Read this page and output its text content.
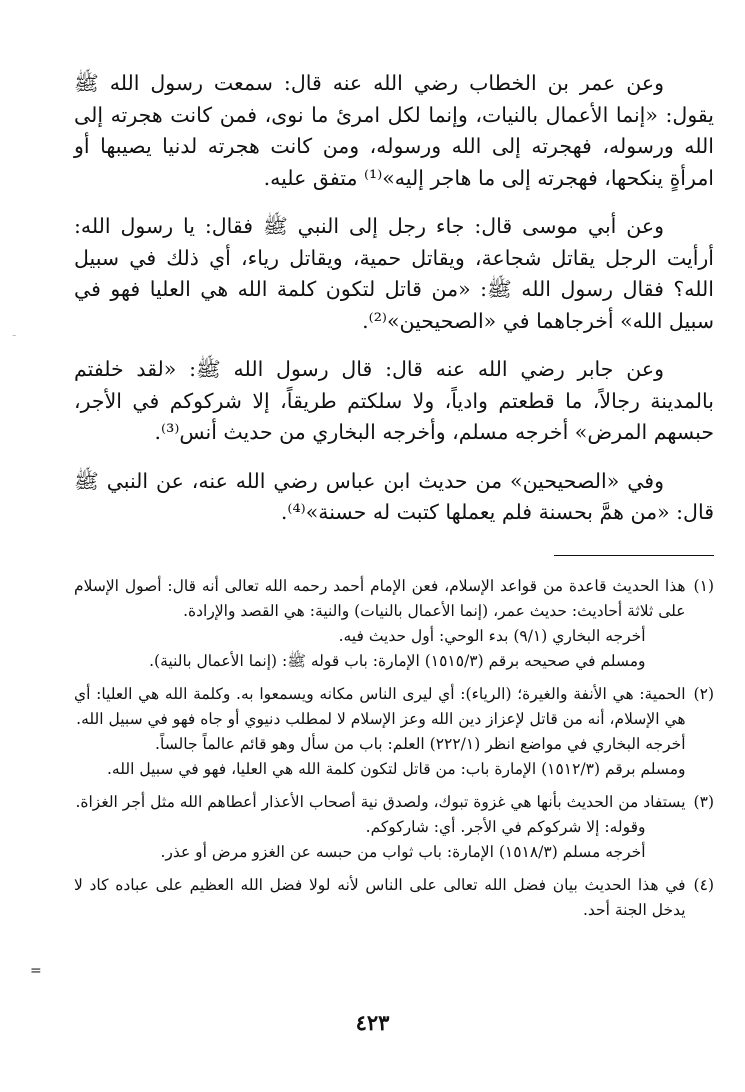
وعن عمر بن الخطاب رضي الله عنه قال: سمعت رسول الله ﷺ يقول: «إنما الأعمال بالنيات، وإنما لكل امرئ ما نوى، فمن كانت هجرته إلى الله ورسوله، فهجرته إلى الله ورسوله، ومن كانت هجرته لدنيا يصيبها أو امرأةٍ ينكحها، فهجرته إلى ما هاجر إليه»⁽¹⁾ متفق عليه.

وعن أبي موسى قال: جاء رجل إلى النبي ﷺ فقال: يا رسول الله: أرأيت الرجل يقاتل شجاعة، ويقاتل حمية، ويقاتل رياء، أي ذلك في سبيل الله؟ فقال رسول الله ﷺ: «من قاتل لتكون كلمة الله هي العليا فهو في سبيل الله» أخرجاهما في «الصحيحين»⁽²⁾.

وعن جابر رضي الله عنه قال: قال رسول الله ﷺ: «لقد خلفتم بالمدينة رجالاً، ما قطعتم وادياً، ولا سلكتم طريقاً، إلا شركوكم في الأجر، حبسهم المرض» أخرجه مسلم، وأخرجه البخاري من حديث أنس⁽³⁾.

وفي «الصحيحين» من حديث ابن عباس رضي الله عنه، عن النبي ﷺ قال: «من همَّ بحسنة فلم يعملها كتبت له حسنة»⁽⁴⁾.

(١)
هذا الحديث قاعدة من قواعد الإسلام، فعن الإمام أحمد رحمه الله تعالى أنه قال: أصول الإسلام على ثلاثة أحاديث: حديث عمر، (إنما الأعمال بالنيات) والنية: هي القصد والإرادة.
أخرجه البخاري (٩/١) بدء الوحي: أول حديث فيه.
ومسلم في صحيحه برقم (١٥١٥/٣) الإمارة: باب قوله ﷺ: (إنما الأعمال بالنية).
(٢)
الحمية: هي الأنفة والغيرة؛ (الرياء): أي ليرى الناس مكانه ويسمعوا به. وكلمة الله هي العليا: أي هي الإسلام، أنه من قاتل لإعزاز دين الله وعز الإسلام لا لمطلب دنيوي أو جاه فهو في سبيل الله.
أخرجه البخاري في مواضع انظر (٢٢٢/١) العلم: باب من سأل وهو قائم عالماً جالساً.
ومسلم برقم (١٥١٢/٣) الإمارة باب: من قاتل لتكون كلمة الله هي العليا، فهو في سبيل الله.
(٣)
يستفاد من الحديث بأنها هي غزوة تبوك، ولصدق نية أصحاب الأعذار أعطاهم الله مثل أجر الغزاة.
وقوله: إلا شركوكم في الأجر. أي: شاركوكم.
أخرجه مسلم (١٥١٨/٣) الإمارة: باب ثواب من حبسه عن الغزو مرض أو عذر.
(٤)
في هذا الحديث بيان فضل الله تعالى على الناس لأنه لولا فضل الله العظيم على عباده كاد لا يدخل الجنة أحد.
٤٢٣
-
=
